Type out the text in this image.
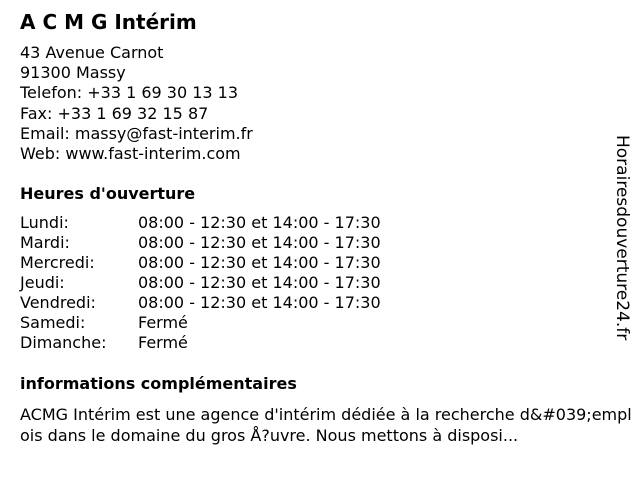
A C M G Intérim
43 Avenue Carnot
91300 Massy
Telefon: +33 1 69 30 13 13
Fax: +33 1 69 32 15 87
Email: massy@fast-interim.fr
Web: www.fast-interim.com
Heures d'ouverture
Lundi:	08:00 - 12:30 et 14:00 - 17:30
Mardi:	08:00 - 12:30 et 14:00 - 17:30
Mercredi:	08:00 - 12:30 et 14:00 - 17:30
Jeudi:	08:00 - 12:30 et 14:00 - 17:30
Vendredi:	08:00 - 12:30 et 14:00 - 17:30
Samedi:	Fermé
Dimanche: Fermé
informations complémentaires
ACMG Intérim est une agence d'intérim dédiée à la recherche d&#039;emplois dans le domaine du gros Å?uvre. Nous mettons à disposi...
Horairesdouverture24.fr
